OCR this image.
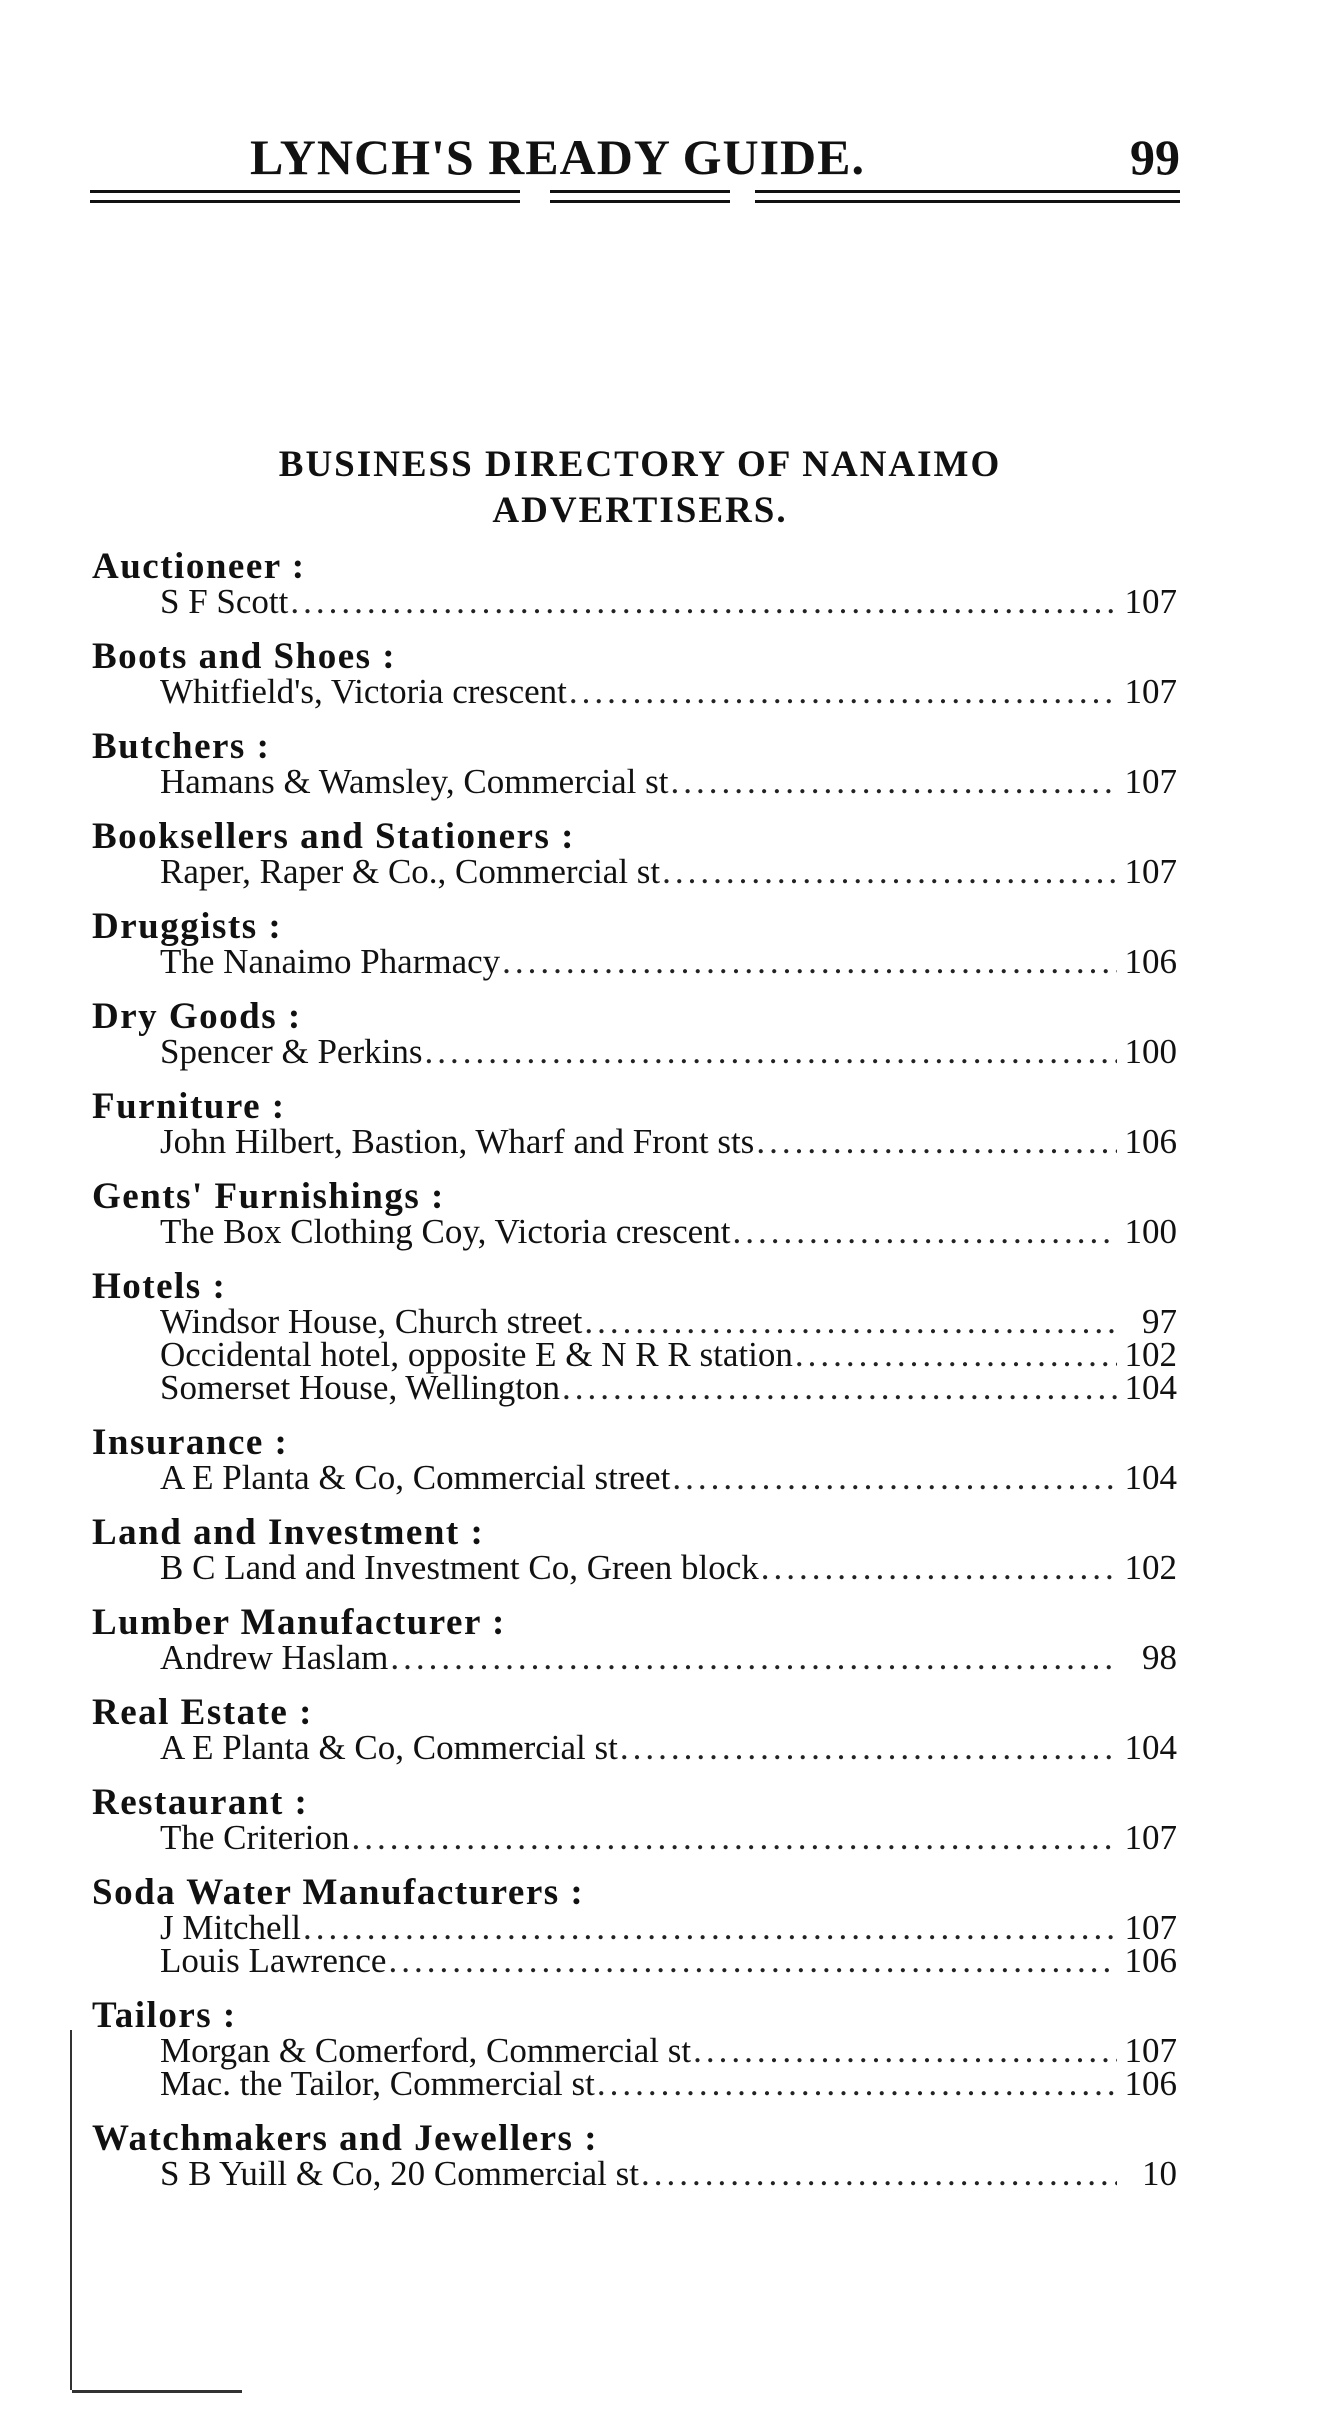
LYNCH'S READY GUIDE.	99
BUSINESS DIRECTORY OF NANAIMO
ADVERTISERS.
Auctioneer :
S F Scott .....	107
Boots and Shoes :
Whitfield's, Victoria crescent .....	107
Butchers :
Hamans & Wamsley, Commercial st .....	107
Booksellers and Stationers :
Raper, Raper & Co., Commercial st .....	107
Druggists :
The Nanaimo Pharmacy .....	106
Dry Goods :
Spencer & Perkins .....	100
Furniture :
John Hilbert, Bastion, Wharf and Front sts .....	106
Gents' Furnishings :
The Box Clothing Coy, Victoria crescent .....	100
Hotels :
Windsor House, Church street .....	97
Occidental hotel, opposite E & N R R station .....	102
Somerset House, Wellington .....	104
Insurance :
A E Planta & Co, Commercial street .....	104
Land and Investment :
B C Land and Investment Co, Green block .....	102
Lumber Manufacturer :
Andrew Haslam .....	98
Real Estate :
A E Planta & Co, Commercial st .....	104
Restaurant :
The Criterion .....	107
Soda Water Manufacturers :
J Mitchell .....	107
Louis Lawrence .....	106
Tailors :
Morgan & Comerford, Commercial st .....	107
Mac. the Tailor, Commercial st .....	106
Watchmakers and Jewellers :
S B Yuill & Co, 20 Commercial st .....	10
